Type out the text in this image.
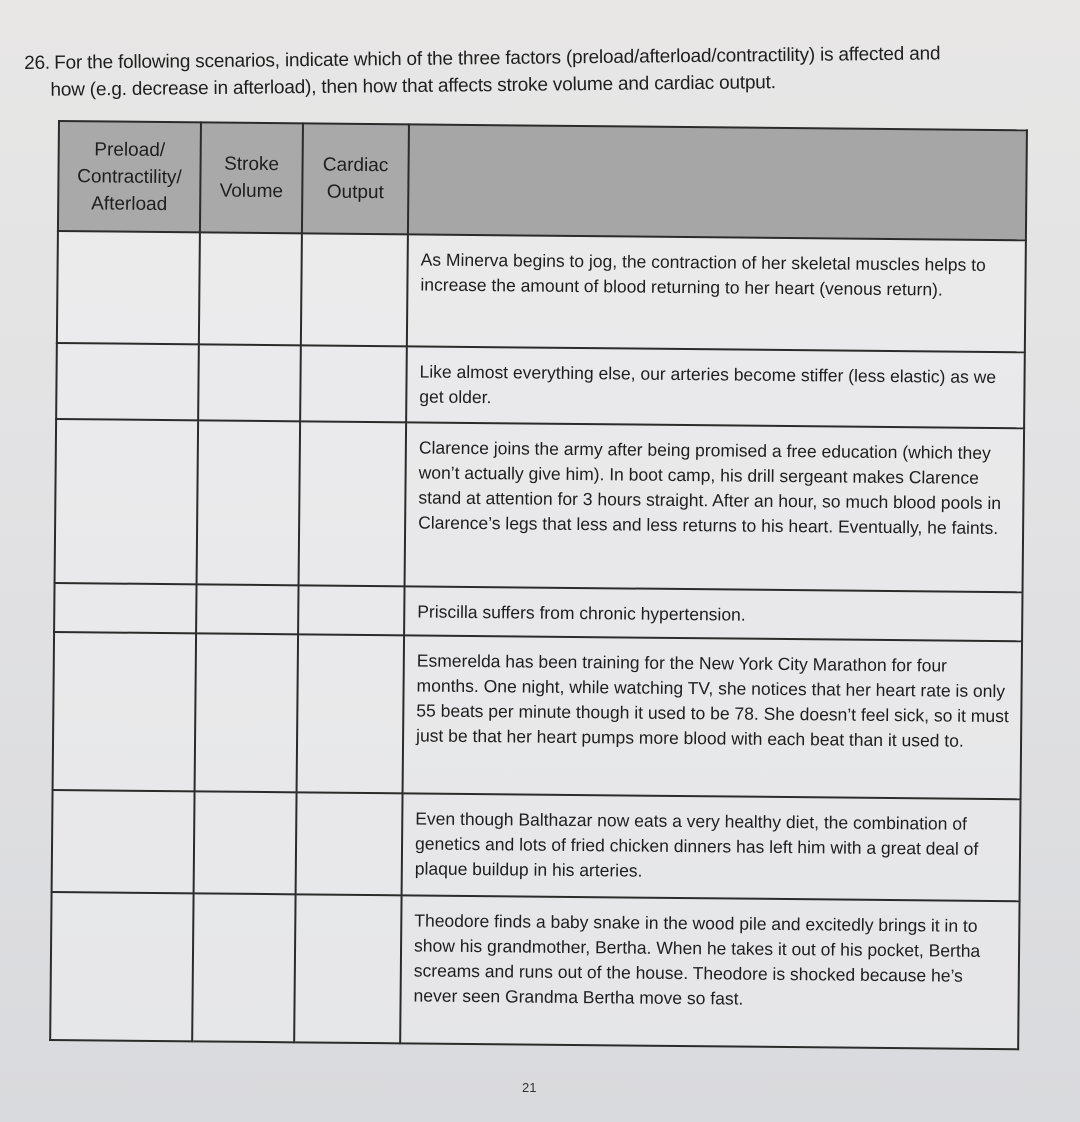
26. For the following scenarios, indicate which of the three factors (preload/afterload/contractility) is affected and
how (e.g. decrease in afterload), then how that affects stroke volume and cardiac output.
Preload/ Contractility/ Afterload	Stroke Volume	Cardiac Output	
			As Minerva begins to jog, the contraction of her skeletal muscles helps to increase the amount of blood returning to her heart (venous return).
			Like almost everything else, our arteries become stiffer (less elastic) as we get older.
			Clarence joins the army after being promised a free education (which they won’t actually give him). In boot camp, his drill sergeant makes Clarence stand at attention for 3 hours straight. After an hour, so much blood pools in Clarence’s legs that less and less returns to his heart. Eventually, he faints.
			Priscilla suffers from chronic hypertension.
			Esmerelda has been training for the New York City Marathon for four months. One night, while watching TV, she notices that her heart rate is only 55 beats per minute though it used to be 78. She doesn’t feel sick, so it must just be that her heart pumps more blood with each beat than it used to.
			Even though Balthazar now eats a very healthy diet, the combination of genetics and lots of fried chicken dinners has left him with a great deal of plaque buildup in his arteries.
			Theodore finds a baby snake in the wood pile and excitedly brings it in to show his grandmother, Bertha. When he takes it out of his pocket, Bertha screams and runs out of the house. Theodore is shocked because he’s never seen Grandma Bertha move so fast.
21
